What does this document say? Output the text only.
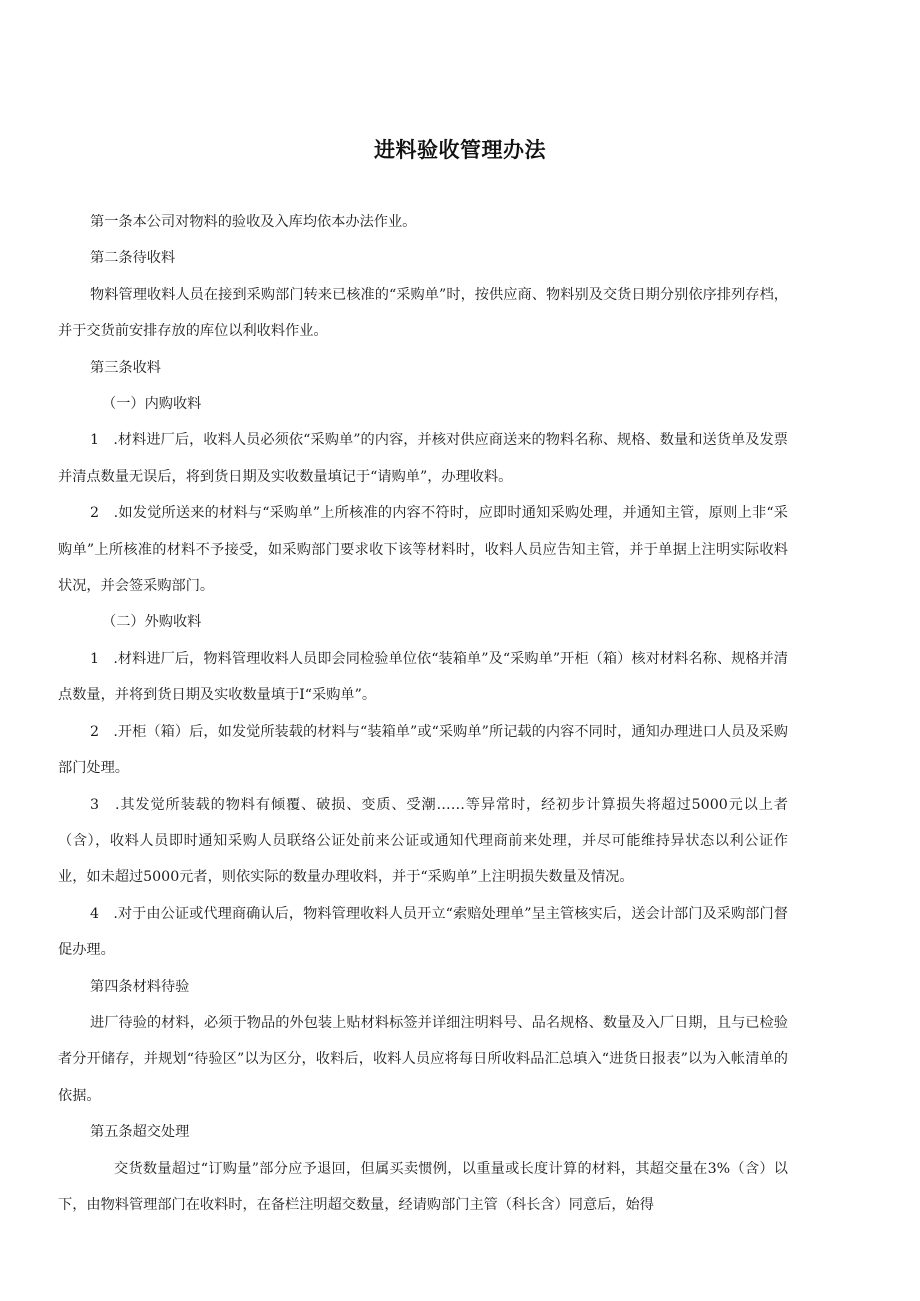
进料验收管理办法

第一条本公司对物料的验收及入库均依本办法作业。

第二条待收料

物料管理收料人员在接到采购部门转来已核准的“采购单”时，按供应商、物料别及交货日期分别依序排列存档，并于交货前安排存放的库位以利收料作业。

第三条收料

（一）内购收料

1　.材料进厂后，收料人员必须依“采购单”的内容，并核对供应商送来的物料名称、规格、数量和送货单及发票并清点数量无误后，将到货日期及实收数量填记于“请购单”，办理收料。

2　.如发觉所送来的材料与“采购单”上所核准的内容不符时，应即时通知采购处理，并通知主管，原则上非“采购单”上所核准的材料不予接受，如采购部门要求收下该等材料时，收料人员应告知主管，并于单据上注明实际收料状况，并会签采购部门。

（二）外购收料

1　.材料进厂后，物料管理收料人员即会同检验单位依“装箱单”及“采购单”开柜（箱）核对材料名称、规格并清点数量，并将到货日期及实收数量填于I“采购单”。

2　.开柜（箱）后，如发觉所装载的材料与“装箱单”或“采购单”所记载的内容不同时，通知办理进口人员及采购部门处理。

3　.其发觉所装载的物料有倾覆、破损、变质、受潮……等异常时，经初步计算损失将超过5000元以上者（含），收料人员即时通知采购人员联络公证处前来公证或通知代理商前来处理，并尽可能维持异状态以利公证作业，如未超过5000元者，则依实际的数量办理收料，并于“采购单”上注明损失数量及情况。

4　.对于由公证或代理商确认后，物料管理收料人员开立“索赔处理单”呈主管核实后，送会计部门及采购部门督促办理。

第四条材料待验

进厂待验的材料，必须于物品的外包装上贴材料标签并详细注明料号、品名规格、数量及入厂日期，且与已检验者分开储存，并规划“待验区”以为区分，收料后，收料人员应将每日所收料品汇总填入“进货日报表”以为入帐清单的依据。

第五条超交处理

交货数量超过“订购量”部分应予退回，但属买卖惯例，以重量或长度计算的材料，其超交量在3%（含）以下，由物料管理部门在收料时，在备栏注明超交数量，经请购部门主管（科长含）同意后，始得
